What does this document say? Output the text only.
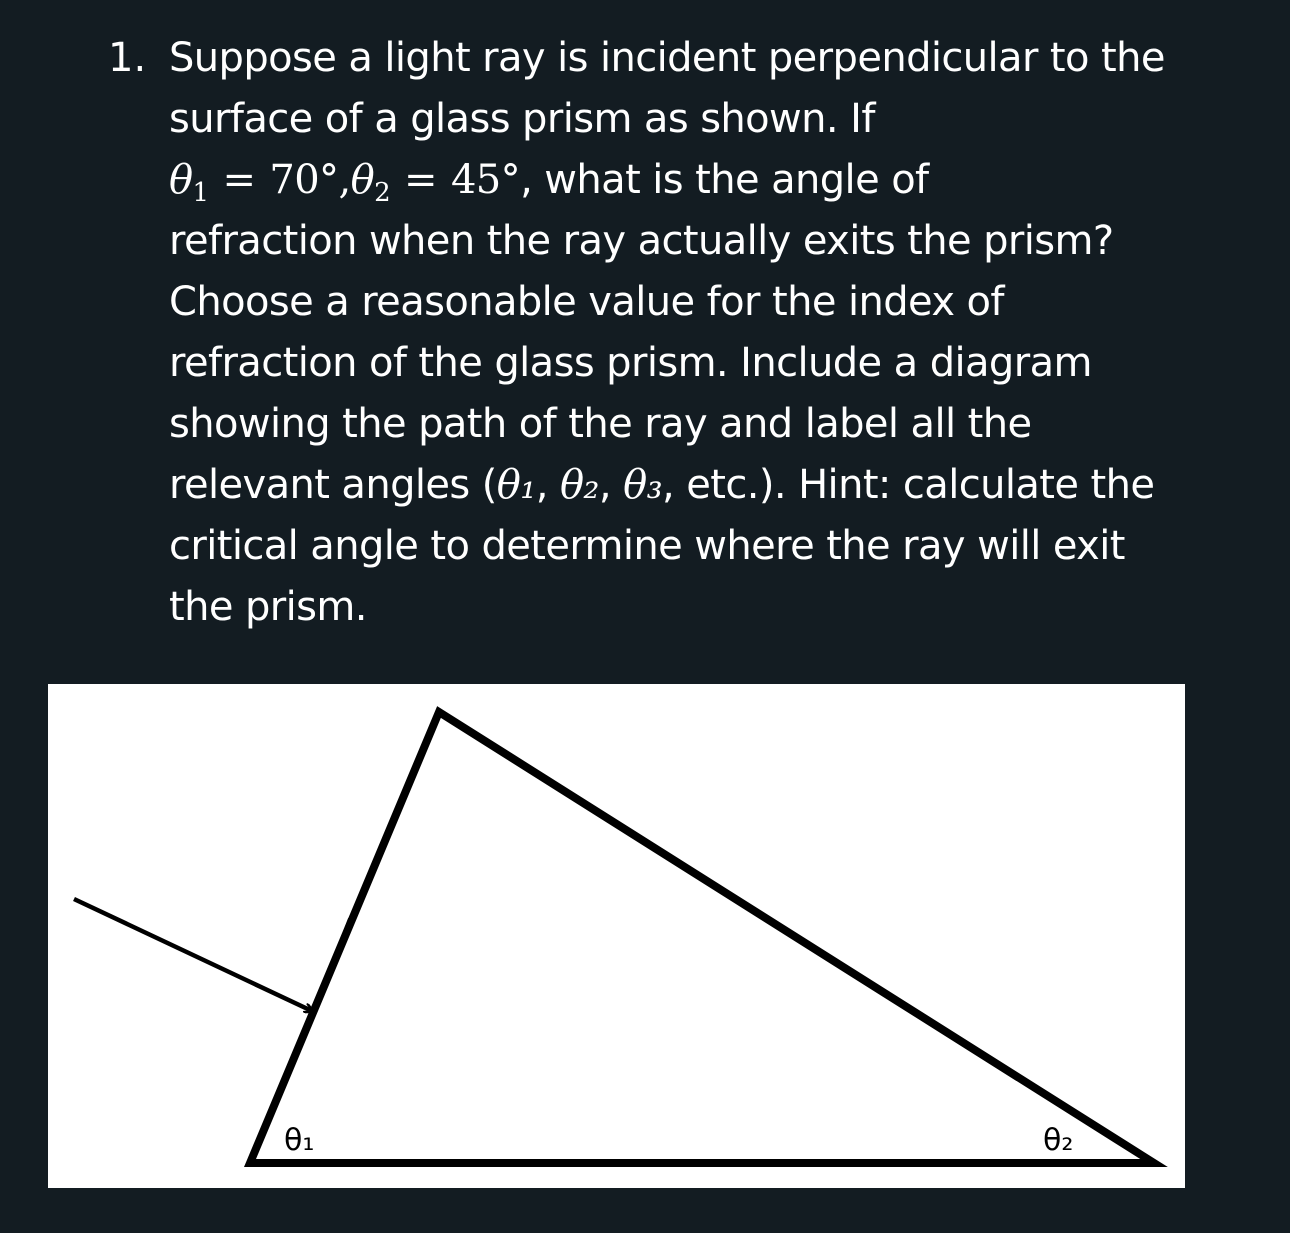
1. Suppose a light ray is incident perpendicular to the
surface of a glass prism as shown. If
$\theta_1 = 70^\circ,\theta_2 = 45^\circ$, what is the angle of
refraction when the ray actually exits the prism?
Choose a reasonable value for the index of
refraction of the glass prism. Include a diagram
showing the path of the ray and label all the
relevant angles (θ₁, θ₂, θ₃, etc.). Hint: calculate the
critical angle to determine where the ray will exit
the prism.
θ₁	θ₂
